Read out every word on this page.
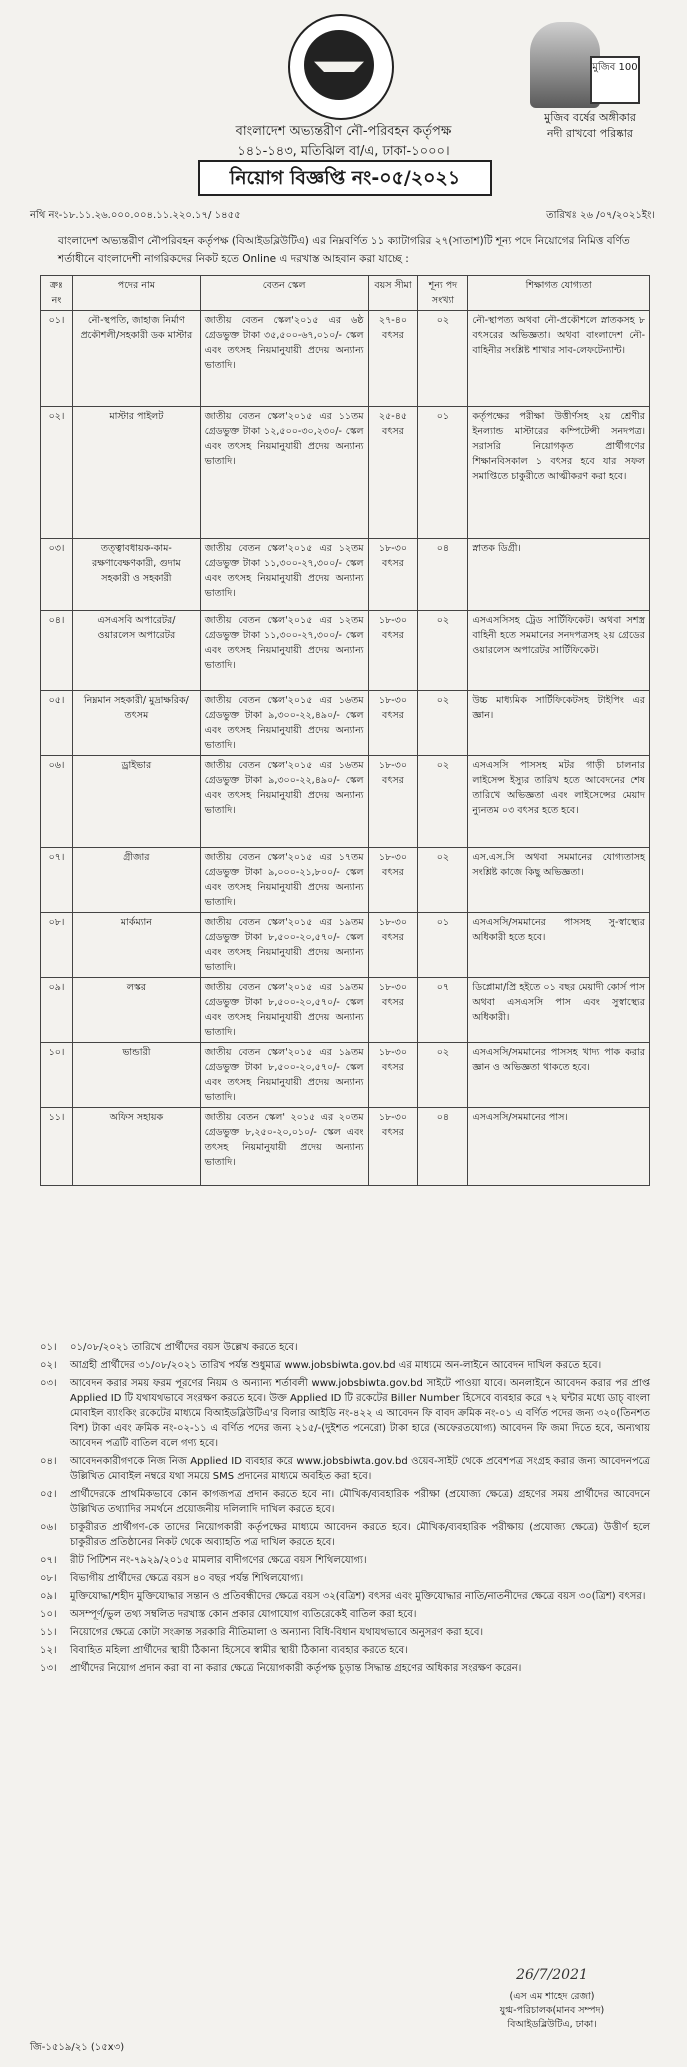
মুজিব 100
মুজিব বর্ষের অঙ্গীকার
নদী রাখবো পরিষ্কার
বাংলাদেশ অভ্যন্তরীণ নৌ-পরিবহন কর্তৃপক্ষ
১৪১-১৪৩, মতিঝিল বা/এ, ঢাকা-১০০০।
নিয়োগ বিজ্ঞপ্তি নং-০৫/২০২১
নথি নং-১৮.১১.২৬.০০০.০০৪.১১.২২০.১৭/ ১৪৫৫	তারিখঃ ২৬ /০৭/২০২১ইং।
বাংলাদেশ অভ্যন্তরীণ নৌপরিবহন কর্তৃপক্ষ (বিআইডব্লিউটিএ) এর নিম্নবর্ণিত ১১ ক্যাটাগরির ২৭(সাতাশ)টি শূন্য পদে নিয়োগের নিমিত্ত বর্ণিত শর্তাধীনে বাংলাদেশী নাগরিকদের নিকট হতে Online এ দরখাস্ত আহবান করা যাচ্ছে :
ক্রঃ নং	পদের নাম	বেতন স্কেল	বয়স সীমা	শূন্য পদ সংখ্যা	শিক্ষাগত যোগ্যতা
০১।	নৌ-স্থপতি, জাহাজ নির্মাণ প্রকৌশলী/সহকারী ডক মাস্টার	জাতীয় বেতন স্কেল'২০১৫ এর ৬ষ্ঠ গ্রেডভুক্ত টাকা ৩৫,৫০০-৬৭,০১০/- স্কেল এবং তৎসহ নিয়মানুযায়ী প্রদেয় অন্যান্য ভাতাদি।	২৭-৪০ বৎসর	০২	নৌ-স্থাপত্য অথবা নৌ-প্রকৌশলে স্নাতকসহ ৮ বৎসরের অভিজ্ঞতা। অথবা বাংলাদেশ নৌ-বাহিনীর সংশ্লিষ্ট শাখার সাব-লেফটেন্যান্ট।
০২।	মাস্টার পাইলট	জাতীয় বেতন স্কেল'২০১৫ এর ১১তম গ্রেডভুক্ত টাকা ১২,৫০০-৩০,২৩০/- স্কেল এবং তৎসহ নিয়মানুযায়ী প্রদেয় অন্যান্য ভাতাদি।	২৫-৪৫ বৎসর	০১	কর্তৃপক্ষের পরীক্ষা উত্তীর্ণসহ ২য় শ্রেণীর ইনল্যান্ড মাস্টারের কম্পিটেন্সী সনদপত্র। সরাসরি নিয়োগকৃত প্রার্থীগণের শিক্ষানবিসকাল ১ বৎসর হবে যার সফল সমাপ্তিতে চাকুরীতে আত্মীকরণ করা হবে।
০৩।	তত্ত্বাবধায়ক-কাম-রক্ষণাবেক্ষণকারী, গুদাম সহকারী ও সহকারী	জাতীয় বেতন স্কেল'২০১৫ এর ১২তম গ্রেডভুক্ত টাকা ১১,৩০০-২৭,৩০০/- স্কেল এবং তৎসহ নিয়মানুযায়ী প্রদেয় অন্যান্য ভাতাদি।	১৮-৩০ বৎসর	০৪	স্নাতক ডিগ্রী।
০৪।	এসএসবি অপারেটর/ ওয়ারলেস অপারেটর	জাতীয় বেতন স্কেল'২০১৫ এর ১২তম গ্রেডভুক্ত টাকা ১১,৩০০-২৭,৩০০/- স্কেল এবং তৎসহ নিয়মানুযায়ী প্রদেয় অন্যান্য ভাতাদি।	১৮-৩০ বৎসর	০২	এসএসসিসহ ট্রেড সার্টিফিকেট। অথবা সশস্ত্র বাহিনী হতে সমমানের সনদপত্রসহ ২য় গ্রেডের ওয়ারলেস অপারেটর সার্টিফিকেট।
০৫।	নিম্নমান সহকারী/ মুদ্রাক্ষরিক/তৎসম	জাতীয় বেতন স্কেল'২০১৫ এর ১৬তম গ্রেডভুক্ত টাকা ৯,৩০০-২২,৪৯০/- স্কেল এবং তৎসহ নিয়মানুযায়ী প্রদেয় অন্যান্য ভাতাদি।	১৮-৩০ বৎসর	০২	উচ্চ মাধ্যমিক সার্টিফিকেটসহ টাইপিং এর জ্ঞান।
০৬।	ড্রাইভার	জাতীয় বেতন স্কেল'২০১৫ এর ১৬তম গ্রেডভুক্ত টাকা ৯,৩০০-২২,৪৯০/- স্কেল এবং তৎসহ নিয়মানুযায়ী প্রদেয় অন্যান্য ভাতাদি।	১৮-৩০ বৎসর	০২	এসএসসি পাসসহ মটর গাড়ী চালনার লাইসেন্স ইস্যুর তারিখ হতে আবেদনের শেষ তারিখে অভিজ্ঞতা এবং লাইসেন্সের মেয়াদ ন্যুনতম ০৩ বৎসর হতে হবে।
০৭।	গ্রীজার	জাতীয় বেতন স্কেল'২০১৫ এর ১৭তম গ্রেডভুক্ত টাকা ৯,০০০-২১,৮০০/- স্কেল এবং তৎসহ নিয়মানুযায়ী প্রদেয় অন্যান্য ভাতাদি।	১৮-৩০ বৎসর	০২	এস.এস.সি অথবা সমমানের যোগ্যতাসহ সংশ্লিষ্ট কাজে কিছু অভিজ্ঞতা।
০৮।	মার্কম্যান	জাতীয় বেতন স্কেল'২০১৫ এর ১৯তম গ্রেডভুক্ত টাকা ৮,৫০০-২০,৫৭০/- স্কেল এবং তৎসহ নিয়মানুযায়ী প্রদেয় অন্যান্য ভাতাদি।	১৮-৩০ বৎসর	০১	এসএসসি/সমমানের পাসসহ সু-স্বাস্থ্যের অধিকারী হতে হবে।
০৯।	লস্কর	জাতীয় বেতন স্কেল'২০১৫ এর ১৯তম গ্রেডভুক্ত টাকা ৮,৫০০-২০,৫৭০/- স্কেল এবং তৎসহ নিয়মানুযায়ী প্রদেয় অন্যান্য ভাতাদি।	১৮-৩০ বৎসর	০৭	ডিপ্লোমা/প্রি হইতে ০১ বছর মেয়াদী কোর্স পাস অথবা এসএসসি পাস এবং সুস্বাস্থ্যের অধিকারী।
১০।	ভান্ডারী	জাতীয় বেতন স্কেল'২০১৫ এর ১৯তম গ্রেডভুক্ত টাকা ৮,৫০০-২০,৫৭০/- স্কেল এবং তৎসহ নিয়মানুযায়ী প্রদেয় অন্যান্য ভাতাদি।	১৮-৩০ বৎসর	০২	এসএসসি/সমমানের পাসসহ খাদ্য পাক করার জ্ঞান ও অভিজ্ঞতা থাকতে হবে।
১১।	অফিস সহায়ক	জাতীয় বেতন স্কেল' ২০১৫ এর ২০তম গ্রেডভুক্ত ৮,২৫০-২০,০১০/- স্কেল এবং তৎসহ নিয়মানুযায়ী প্রদেয় অন্যান্য ভাতাদি।	১৮-৩০ বৎসর	০৪	এসএসসি/সমমানের পাস।
০১।	০১/০৮/২০২১ তারিখে প্রার্থীদের বয়স উল্লেখ করতে হবে।
০২।	আগ্রহী প্রার্থীদের ৩১/০৮/২০২১ তারিখ পর্যন্ত শুধুমাত্র www.jobsbiwta.gov.bd এর মাধ্যমে অন-লাইনে আবেদন দাখিল করতে হবে।
০৩।	আবেদন করার সময় ফরম পূরণের নিয়ম ও অন্যান্য শর্তাবলী www.jobsbiwta.gov.bd সাইটে পাওয়া যাবে। অনলাইনে আবেদন করার পর প্রাপ্ত Applied ID টি যথাযথভাবে সংরক্ষণ করতে হবে। উক্ত Applied ID টি রকেটের Biller Number হিসেবে ব্যবহার করে ৭২ ঘন্টার মধ্যে ডাচ্ বাংলা মোবাইল ব্যাংকিং রকেটের মাধ্যমে বিআইডব্লিউটিএ'র বিলার আইডি নং-৪২২ এ আবেদন ফি বাবদ ক্রমিক নং-০১ এ বর্ণিত পদের জন্য ৩২০(তিনশত বিশ) টাকা এবং ক্রমিক নং-০২-১১ এ বর্ণিত পদের জন্য ২১৫/-(দুইশত পনেরো) টাকা হারে (অফেরতযোগ্য) আবেদন ফি জমা দিতে হবে, অন্যথায় আবেদন পত্রটি বাতিল বলে গণ্য হবে।
০৪।	আবেদনকারীগণকে নিজ নিজ Applied ID ব্যবহার করে www.jobsbiwta.gov.bd ওয়েব-সাইট থেকে প্রবেশপত্র সংগ্রহ করার জন্য আবেদনপত্রে উল্লিখিত মোবাইল নম্বরে যথা সময়ে SMS প্রদানের মাধ্যমে অবহিত করা হবে।
০৫।	প্রার্থীদেরকে প্রাথমিকভাবে কোন কাগজপত্র প্রদান করতে হবে না। মৌখিক/ব্যবহারিক পরীক্ষা (প্রযোজ্য ক্ষেত্রে) গ্রহণের সময় প্রার্থীদের আবেদনে উল্লিখিত তথ্যাদির সমর্থনে প্রয়োজনীয় দলিলাদি দাখিল করতে হবে।
০৬।	চাকুরীরত প্রার্থীগণ-কে তাদের নিয়োগকারী কর্তৃপক্ষের মাধ্যমে আবেদন করতে হবে। মৌখিক/ব্যবহারিক পরীক্ষায় (প্রযোজ্য ক্ষেত্রে) উত্তীর্ণ হলে চাকুরীরত প্রতিষ্ঠানের নিকট থেকে অব্যাহতি পত্র দাখিল করতে হবে।
০৭।	রীট পিটিশন নং-৭৯২৯/২০১৫ মামলার বাদীগণের ক্ষেত্রে বয়স শিথিলযোগ্য।
০৮।	বিভাগীয় প্রার্থীদের ক্ষেত্রে বয়স ৪০ বছর পর্যন্ত শিথিলযোগ্য।
০৯।	মুক্তিযোদ্ধা/শহীদ মুক্তিযোদ্ধার সন্তান ও প্রতিবন্ধীদের ক্ষেত্রে বয়স ৩২(বত্রিশ) বৎসর এবং মুক্তিযোদ্ধার নাতি/নাতনীদের ক্ষেত্রে বয়স ৩০(ত্রিশ) বৎসর।
১০।	অসম্পূর্ণ/ভুল তথ্য সম্বলিত দরখাস্ত কোন প্রকার যোগাযোগ ব্যতিরেকেই বাতিল করা হবে।
১১।	নিয়োগের ক্ষেত্রে কোটা সংক্রান্ত সরকারি নীতিমালা ও অন্যান্য বিধি-বিধান যথাযথভাবে অনুসরণ করা হবে।
১২।	বিবাহিত মহিলা প্রার্থীদের স্থায়ী ঠিকানা হিসেবে স্বামীর স্থায়ী ঠিকানা ব্যবহার করতে হবে।
১৩।	প্রার্থীদের নিয়োগ প্রদান করা বা না করার ক্ষেত্রে নিয়োগকারী কর্তৃপক্ষ চূড়ান্ত সিদ্ধান্ত গ্রহণের অধিকার সংরক্ষণ করেন।
26/7/2021
(এস এম শাহেদ রেজা)
যুগ্ম-পরিচালক(মানব সম্পদ)
বিআইডব্লিউটিএ, ঢাকা।
জি-১৫১৯/২১ (১৫x৩)
